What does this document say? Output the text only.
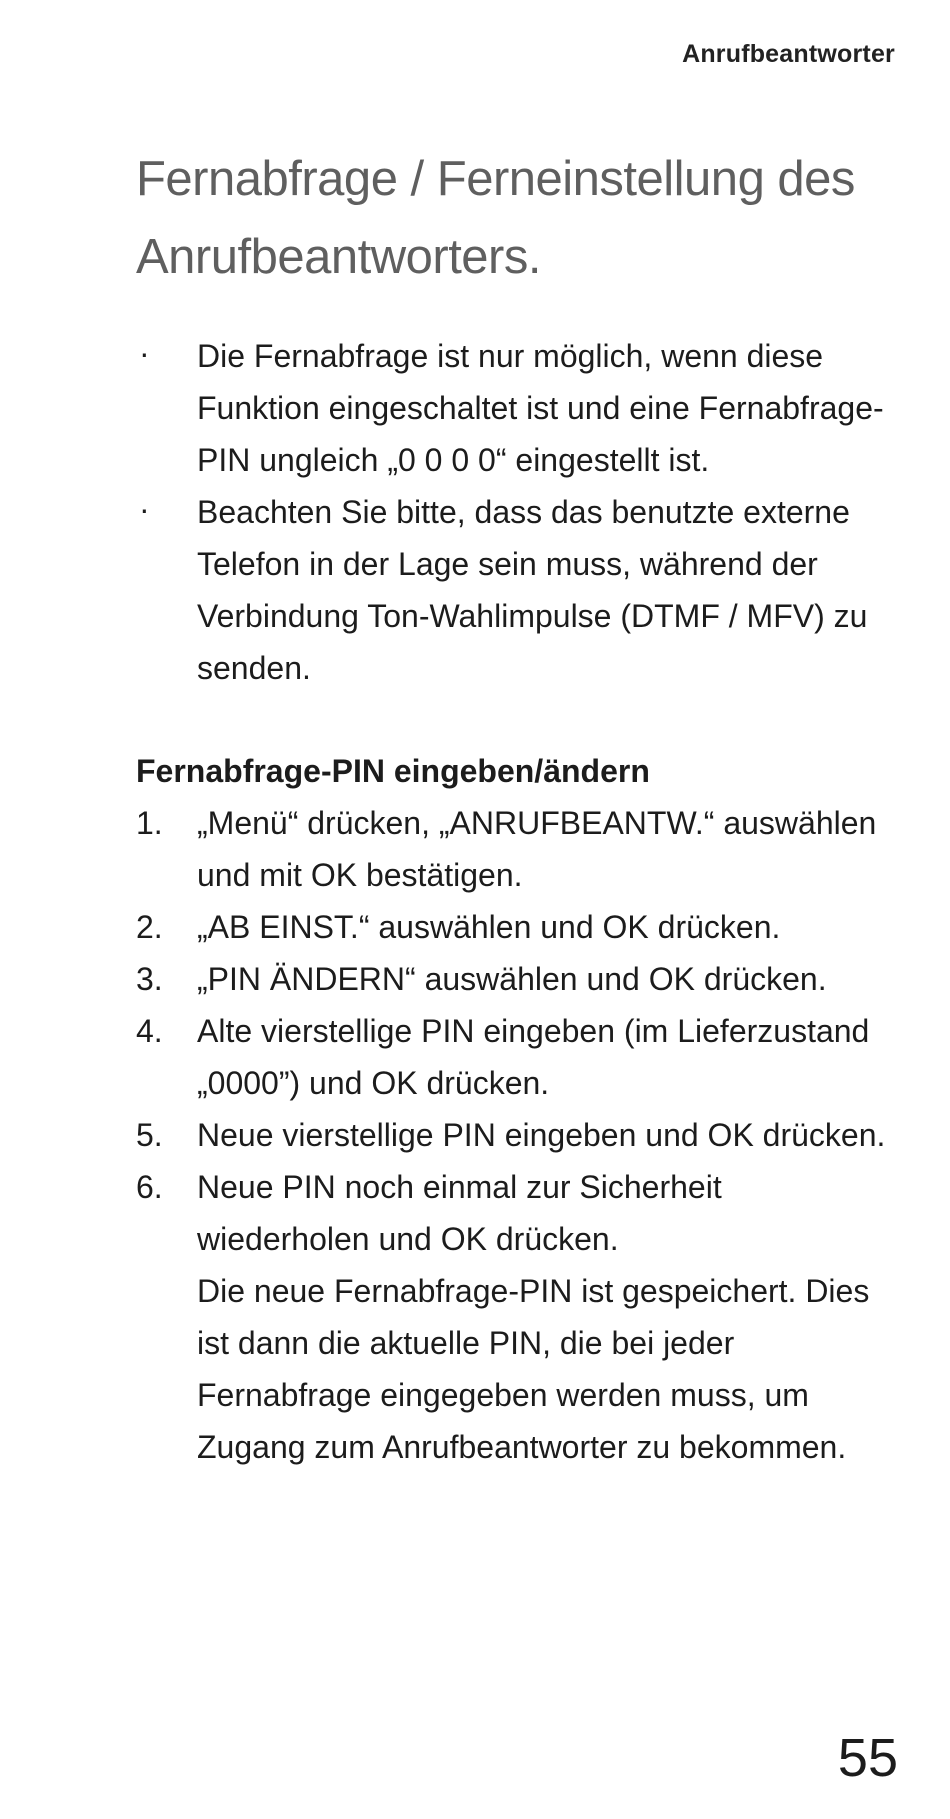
Anrufbeantworter
Fernabfrage / Ferneinstellung des Anrufbeantworters.
· Die Fernabfrage ist nur möglich, wenn diese Funktion eingeschaltet ist und eine Fernabfrage-PIN ungleich „0 0 0 0“ eingestellt ist.
· Beachten Sie bitte, dass das benutzte externe Telefon in der Lage sein muss, während der Verbindung Ton-Wahlimpulse (DTMF / MFV) zu senden.
Fernabfrage-PIN eingeben/ändern
1. „Menü“ drücken, „ANRUFBEANTW.“ auswählen und mit OK bestätigen.
2. „AB EINST.“ auswählen und OK drücken.
3. „PIN ÄNDERN“ auswählen und OK drücken.
4. Alte vierstellige PIN eingeben (im Lieferzustand „0000”) und OK drücken.
5. Neue vierstellige PIN eingeben und OK drücken.
6. Neue PIN noch einmal zur Sicherheit wiederholen und OK drücken.
Die neue Fernabfrage-PIN ist gespeichert. Dies ist dann die aktuelle PIN, die bei jeder Fernabfrage eingegeben werden muss, um Zugang zum Anrufbeantworter zu bekommen.
55
